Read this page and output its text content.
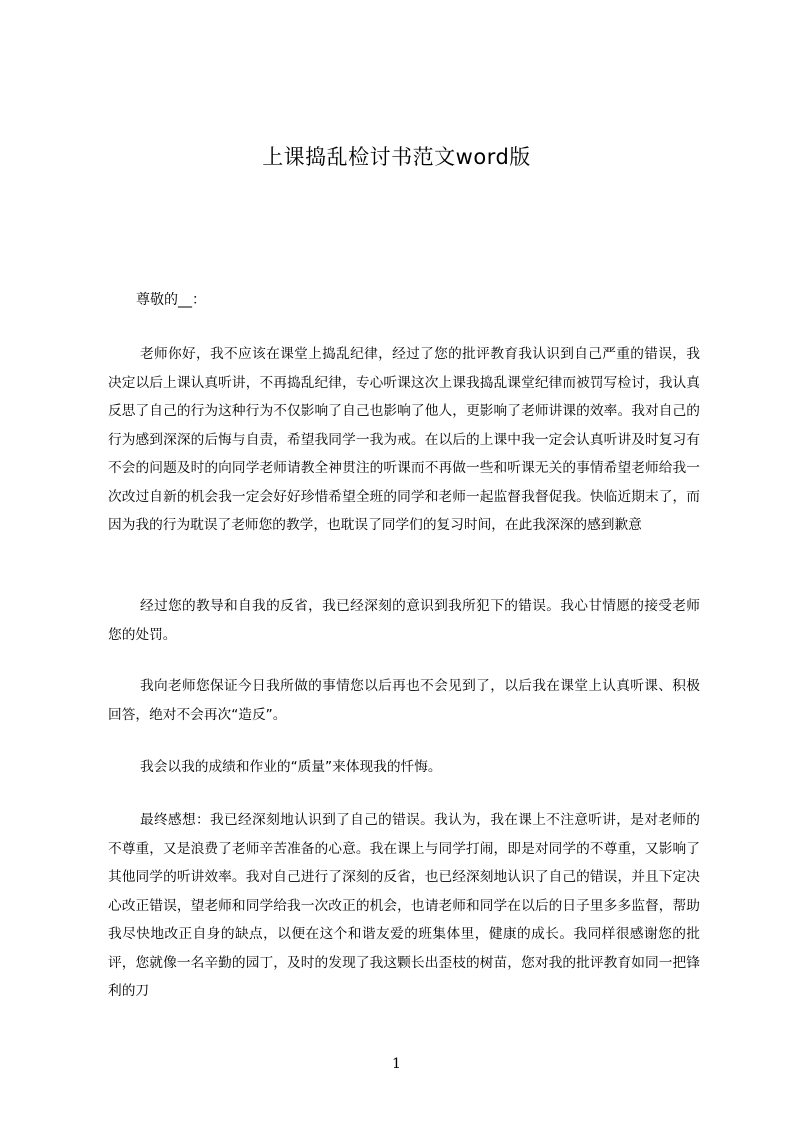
上课捣乱检讨书范文word版

尊敬的__：

老师你好，我不应该在课堂上捣乱纪律，经过了您的批评教育我认识到自己严重的错误，我决定以后上课认真听讲，不再捣乱纪律，专心听课这次上课我捣乱课堂纪律而被罚写检讨，我认真反思了自己的行为这种行为不仅影响了自己也影响了他人，更影响了老师讲课的效率。我对自己的行为感到深深的后悔与自责，希望我同学一我为戒。在以后的上课中我一定会认真听讲及时复习有不会的问题及时的向同学老师请教全神贯注的听课而不再做一些和听课无关的事情希望老师给我一次改过自新的机会我一定会好好珍惜希望全班的同学和老师一起监督我督促我。快临近期末了，而因为我的行为耽误了老师您的教学，也耽误了同学们的复习时间，在此我深深的感到歉意

经过您的教导和自我的反省，我已经深刻的意识到我所犯下的错误。我心甘情愿的接受老师您的处罚。

我向老师您保证今日我所做的事情您以后再也不会见到了，以后我在课堂上认真听课、积极回答，绝对不会再次“造反”。

我会以我的成绩和作业的“质量”来体现我的忏悔。

最终感想：我已经深刻地认识到了自己的错误。我认为，我在课上不注意听讲，是对老师的不尊重，又是浪费了老师辛苦准备的心意。我在课上与同学打闹，即是对同学的不尊重，又影响了其他同学的听讲效率。我对自己进行了深刻的反省，也已经深刻地认识了自己的错误，并且下定决心改正错误，望老师和同学给我一次改正的机会，也请老师和同学在以后的日子里多多监督，帮助我尽快地改正自身的缺点，以便在这个和谐友爱的班集体里，健康的成长。我同样很感谢您的批评，您就像一名辛勤的园丁，及时的发现了我这颗长出歪枝的树苗，您对我的批评教育如同一把锋利的刀

1
